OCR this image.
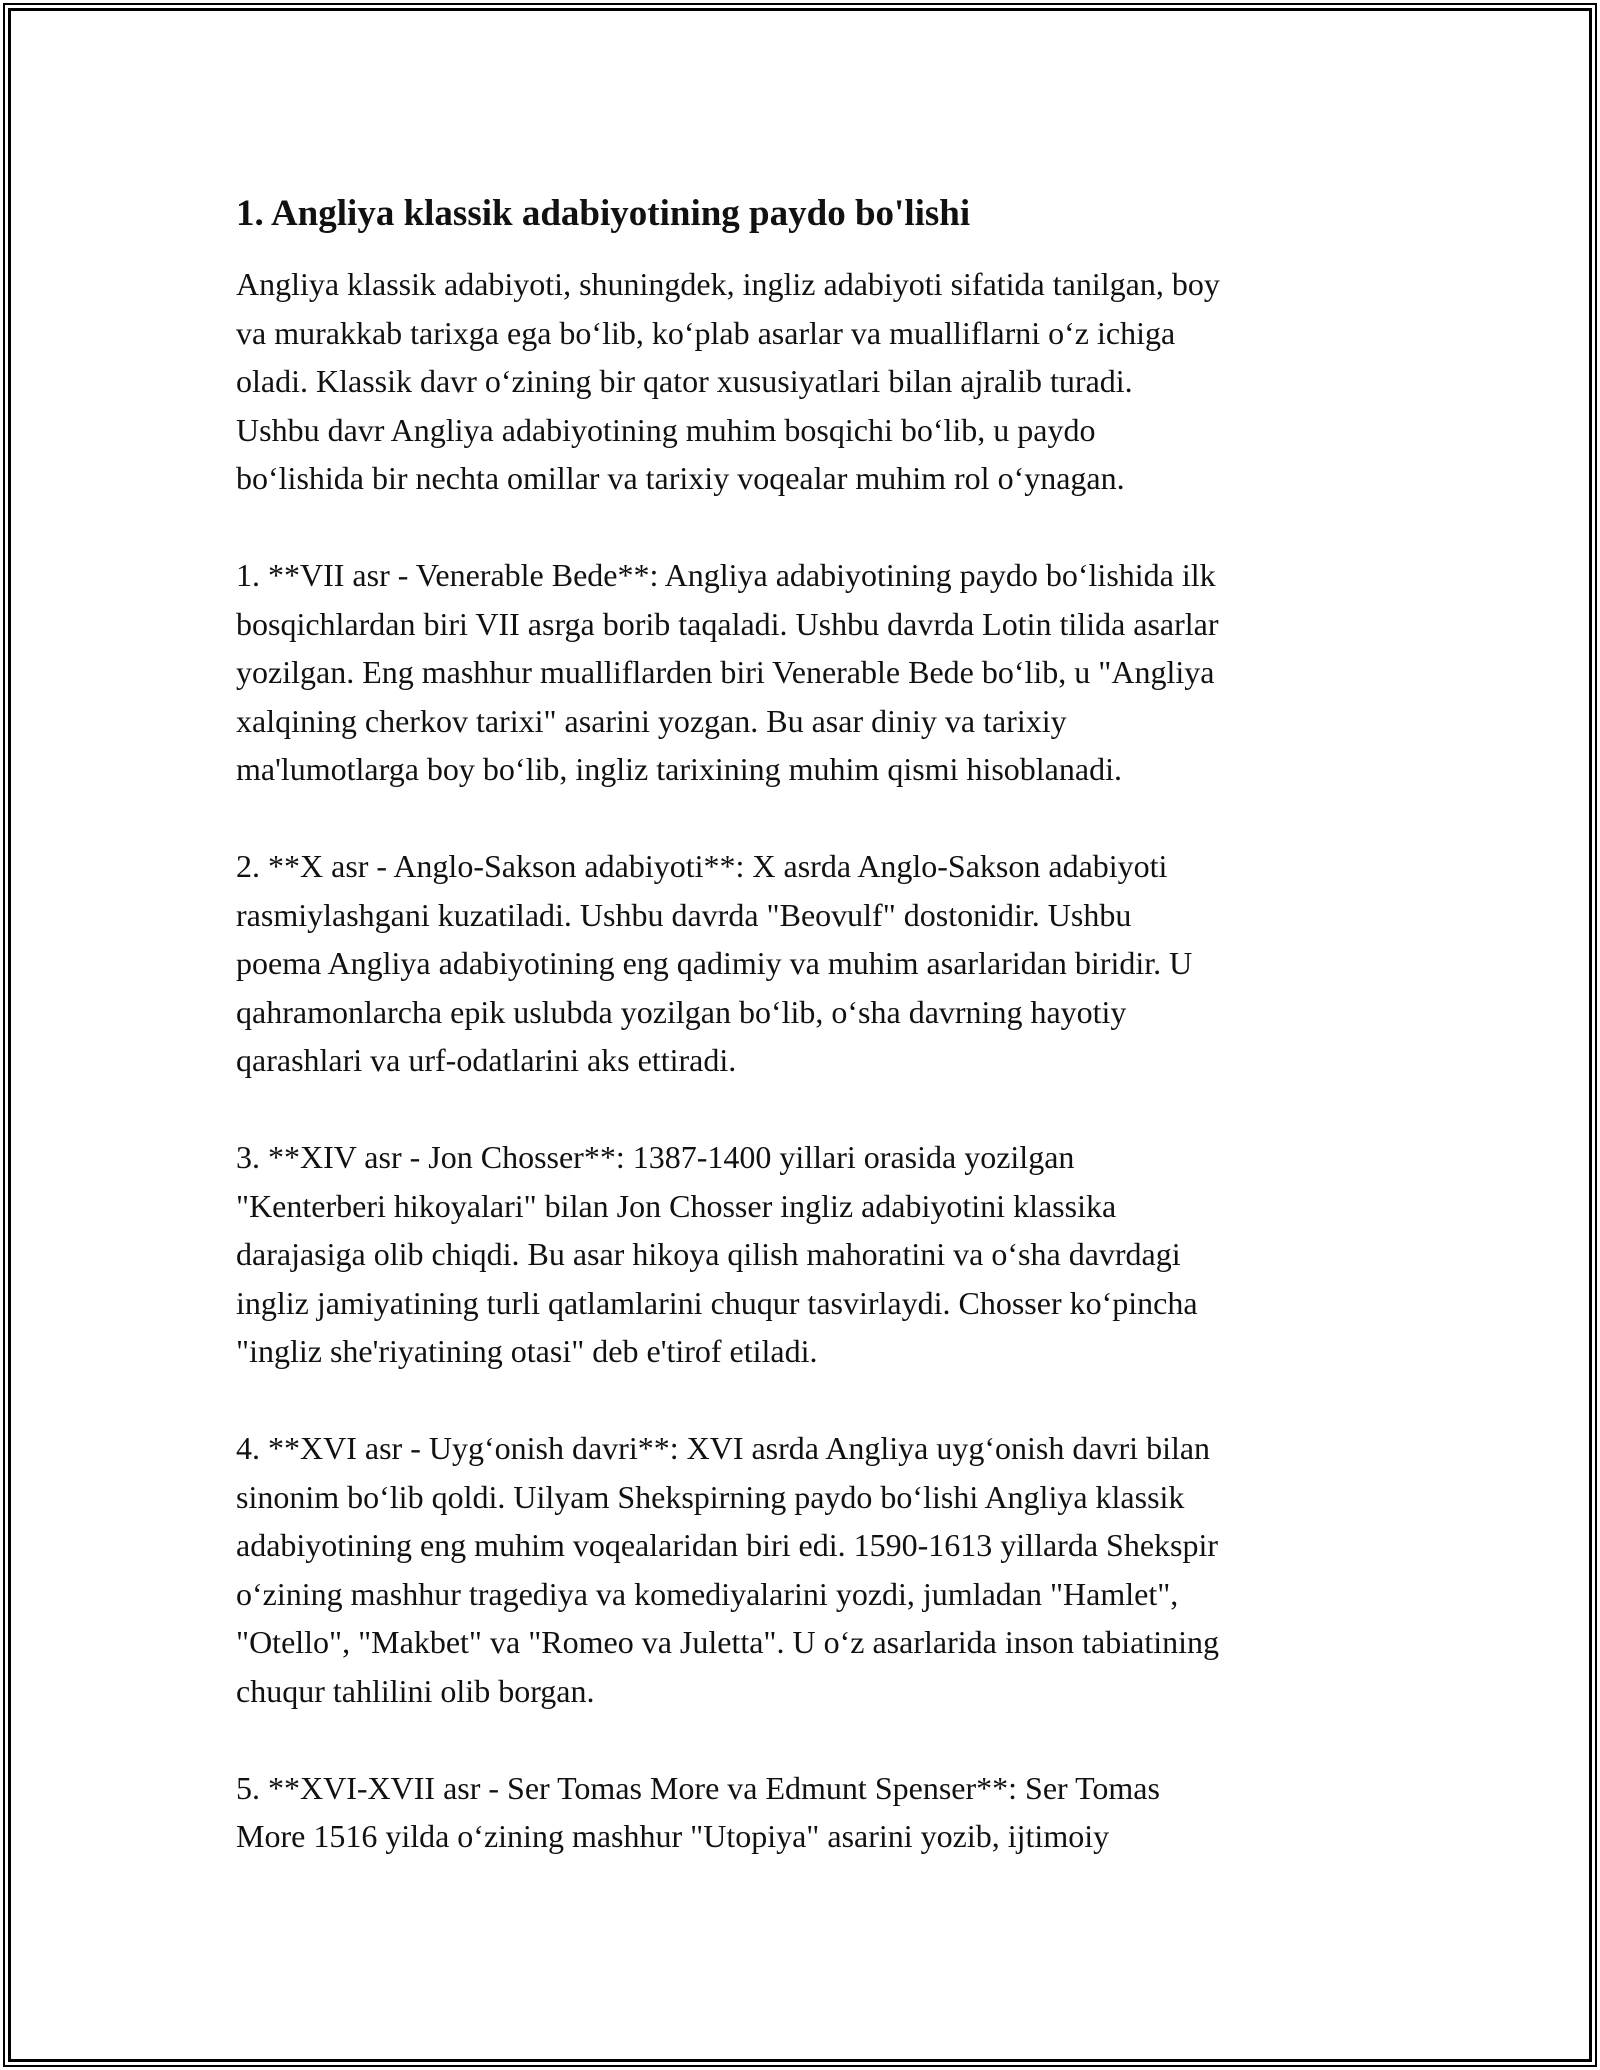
1. Angliya klassik adabiyotining paydo bo'lishi
Angliya klassik adabiyoti, shuningdek, ingliz adabiyoti sifatida tanilgan, boy
va murakkab tarixga ega bo‘lib, ko‘plab asarlar va mualliflarni o‘z ichiga
oladi. Klassik davr o‘zining bir qator xususiyatlari bilan ajralib turadi.
Ushbu davr Angliya adabiyotining muhim bosqichi bo‘lib, u paydo
bo‘lishida bir nechta omillar va tarixiy voqealar muhim rol o‘ynagan.
1. **VII asr - Venerable Bede**: Angliya adabiyotining paydo bo‘lishida ilk
bosqichlardan biri VII asrga borib taqaladi. Ushbu davrda Lotin tilida asarlar
yozilgan. Eng mashhur mualliflarden biri Venerable Bede bo‘lib, u "Angliya
xalqining cherkov tarixi" asarini yozgan. Bu asar diniy va tarixiy
ma'lumotlarga boy bo‘lib, ingliz tarixining muhim qismi hisoblanadi.
2. **X asr - Anglo-Sakson adabiyoti**: X asrda Anglo-Sakson adabiyoti
rasmiylashgani kuzatiladi. Ushbu davrda "Beovulf" dostonidir. Ushbu
poema Angliya adabiyotining eng qadimiy va muhim asarlaridan biridir. U
qahramonlarcha epik uslubda yozilgan bo‘lib, o‘sha davrning hayotiy
qarashlari va urf-odatlarini aks ettiradi.
3. **XIV asr - Jon Chosser**: 1387-1400 yillari orasida yozilgan
"Kenterberi hikoyalari" bilan Jon Chosser ingliz adabiyotini klassika
darajasiga olib chiqdi. Bu asar hikoya qilish mahoratini va o‘sha davrdagi
ingliz jamiyatining turli qatlamlarini chuqur tasvirlaydi. Chosser ko‘pincha
"ingliz she'riyatining otasi" deb e'tirof etiladi.
4. **XVI asr - Uyg‘onish davri**: XVI asrda Angliya uyg‘onish davri bilan
sinonim bo‘lib qoldi. Uilyam Shekspirning paydo bo‘lishi Angliya klassik
adabiyotining eng muhim voqealaridan biri edi. 1590-1613 yillarda Shekspir
o‘zining mashhur tragediya va komediyalarini yozdi, jumladan "Hamlet",
"Otello", "Makbet" va "Romeo va Juletta". U o‘z asarlarida inson tabiatining
chuqur tahlilini olib borgan.
5. **XVI-XVII asr - Ser Tomas More va Edmunt Spenser**: Ser Tomas
More 1516 yilda o‘zining mashhur "Utopiya" asarini yozib, ijtimoiy
